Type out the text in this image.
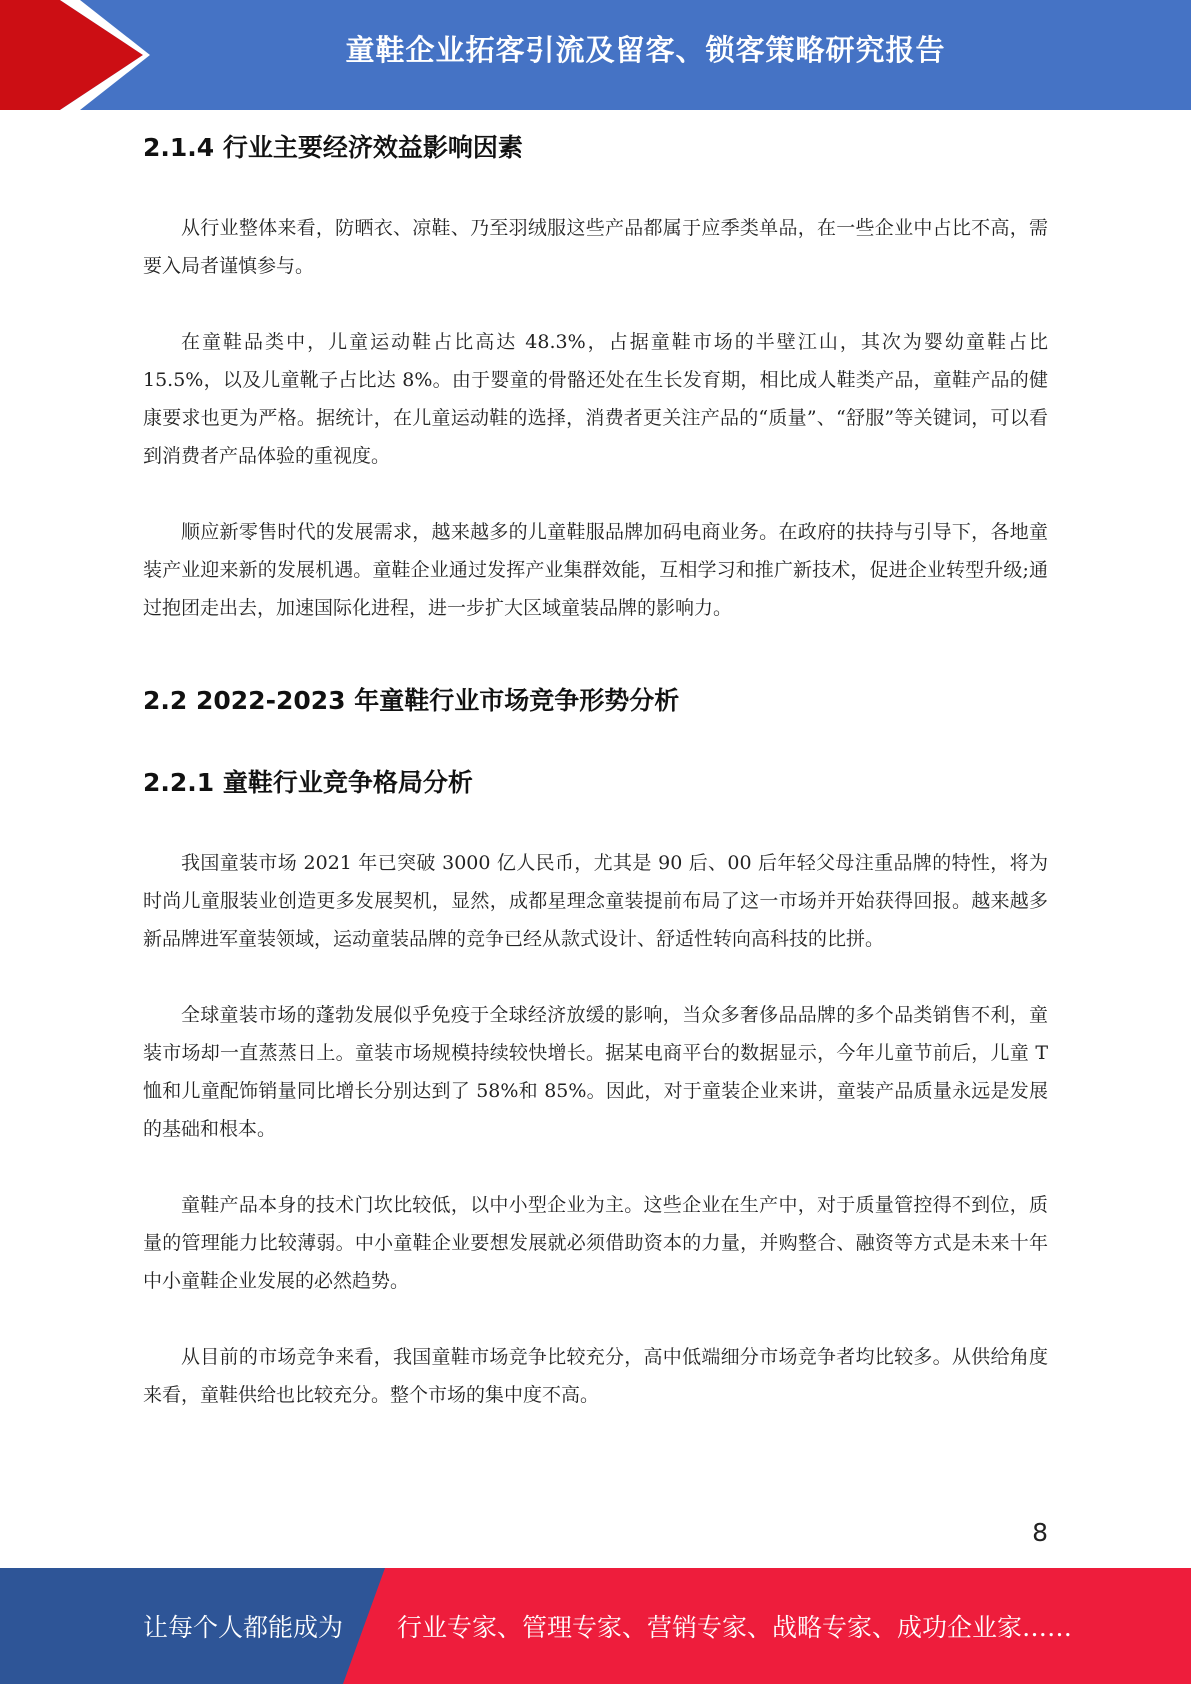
童鞋企业拓客引流及留客、锁客策略研究报告
2.1.4 行业主要经济效益影响因素

从行业整体来看，防晒衣、凉鞋、乃至羽绒服这些产品都属于应季类单品，在一些企业中占比不高，需要入局者谨慎参与。

在童鞋品类中，儿童运动鞋占比高达 48.3%，占据童鞋市场的半壁江山，其次为婴幼童鞋占比 15.5%，以及儿童靴子占比达 8%。由于婴童的骨骼还处在生长发育期，相比成人鞋类产品，童鞋产品的健康要求也更为严格。据统计，在儿童运动鞋的选择，消费者更关注产品的“质量”、“舒服”等关键词，可以看到消费者产品体验的重视度。

顺应新零售时代的发展需求，越来越多的儿童鞋服品牌加码电商业务。在政府的扶持与引导下，各地童装产业迎来新的发展机遇。童鞋企业通过发挥产业集群效能，互相学习和推广新技术，促进企业转型升级;通过抱团走出去，加速国际化进程，进一步扩大区域童装品牌的影响力。

2.2 2022-2023 年童鞋行业市场竞争形势分析
2.2.1 童鞋行业竞争格局分析

我国童装市场 2021 年已突破 3000 亿人民币，尤其是 90 后、00 后年轻父母注重品牌的特性，将为时尚儿童服装业创造更多发展契机，显然，成都星理念童装提前布局了这一市场并开始获得回报。越来越多新品牌进军童装领域，运动童装品牌的竞争已经从款式设计、舒适性转向高科技的比拼。

全球童装市场的蓬勃发展似乎免疫于全球经济放缓的影响，当众多奢侈品品牌的多个品类销售不利，童装市场却一直蒸蒸日上。童装市场规模持续较快增长。据某电商平台的数据显示，今年儿童节前后，儿童 T 恤和儿童配饰销量同比增长分别达到了 58%和 85%。因此，对于童装企业来讲，童装产品质量永远是发展的基础和根本。

童鞋产品本身的技术门坎比较低，以中小型企业为主。这些企业在生产中，对于质量管控得不到位，质量的管理能力比较薄弱。中小童鞋企业要想发展就必须借助资本的力量，并购整合、融资等方式是未来十年中小童鞋企业发展的必然趋势。

从目前的市场竞争来看，我国童鞋市场竞争比较充分，高中低端细分市场竞争者均比较多。从供给角度来看，童鞋供给也比较充分。整个市场的集中度不高。

8
让每个人都能成为 行业专家、管理专家、营销专家、战略专家、成功企业家……
